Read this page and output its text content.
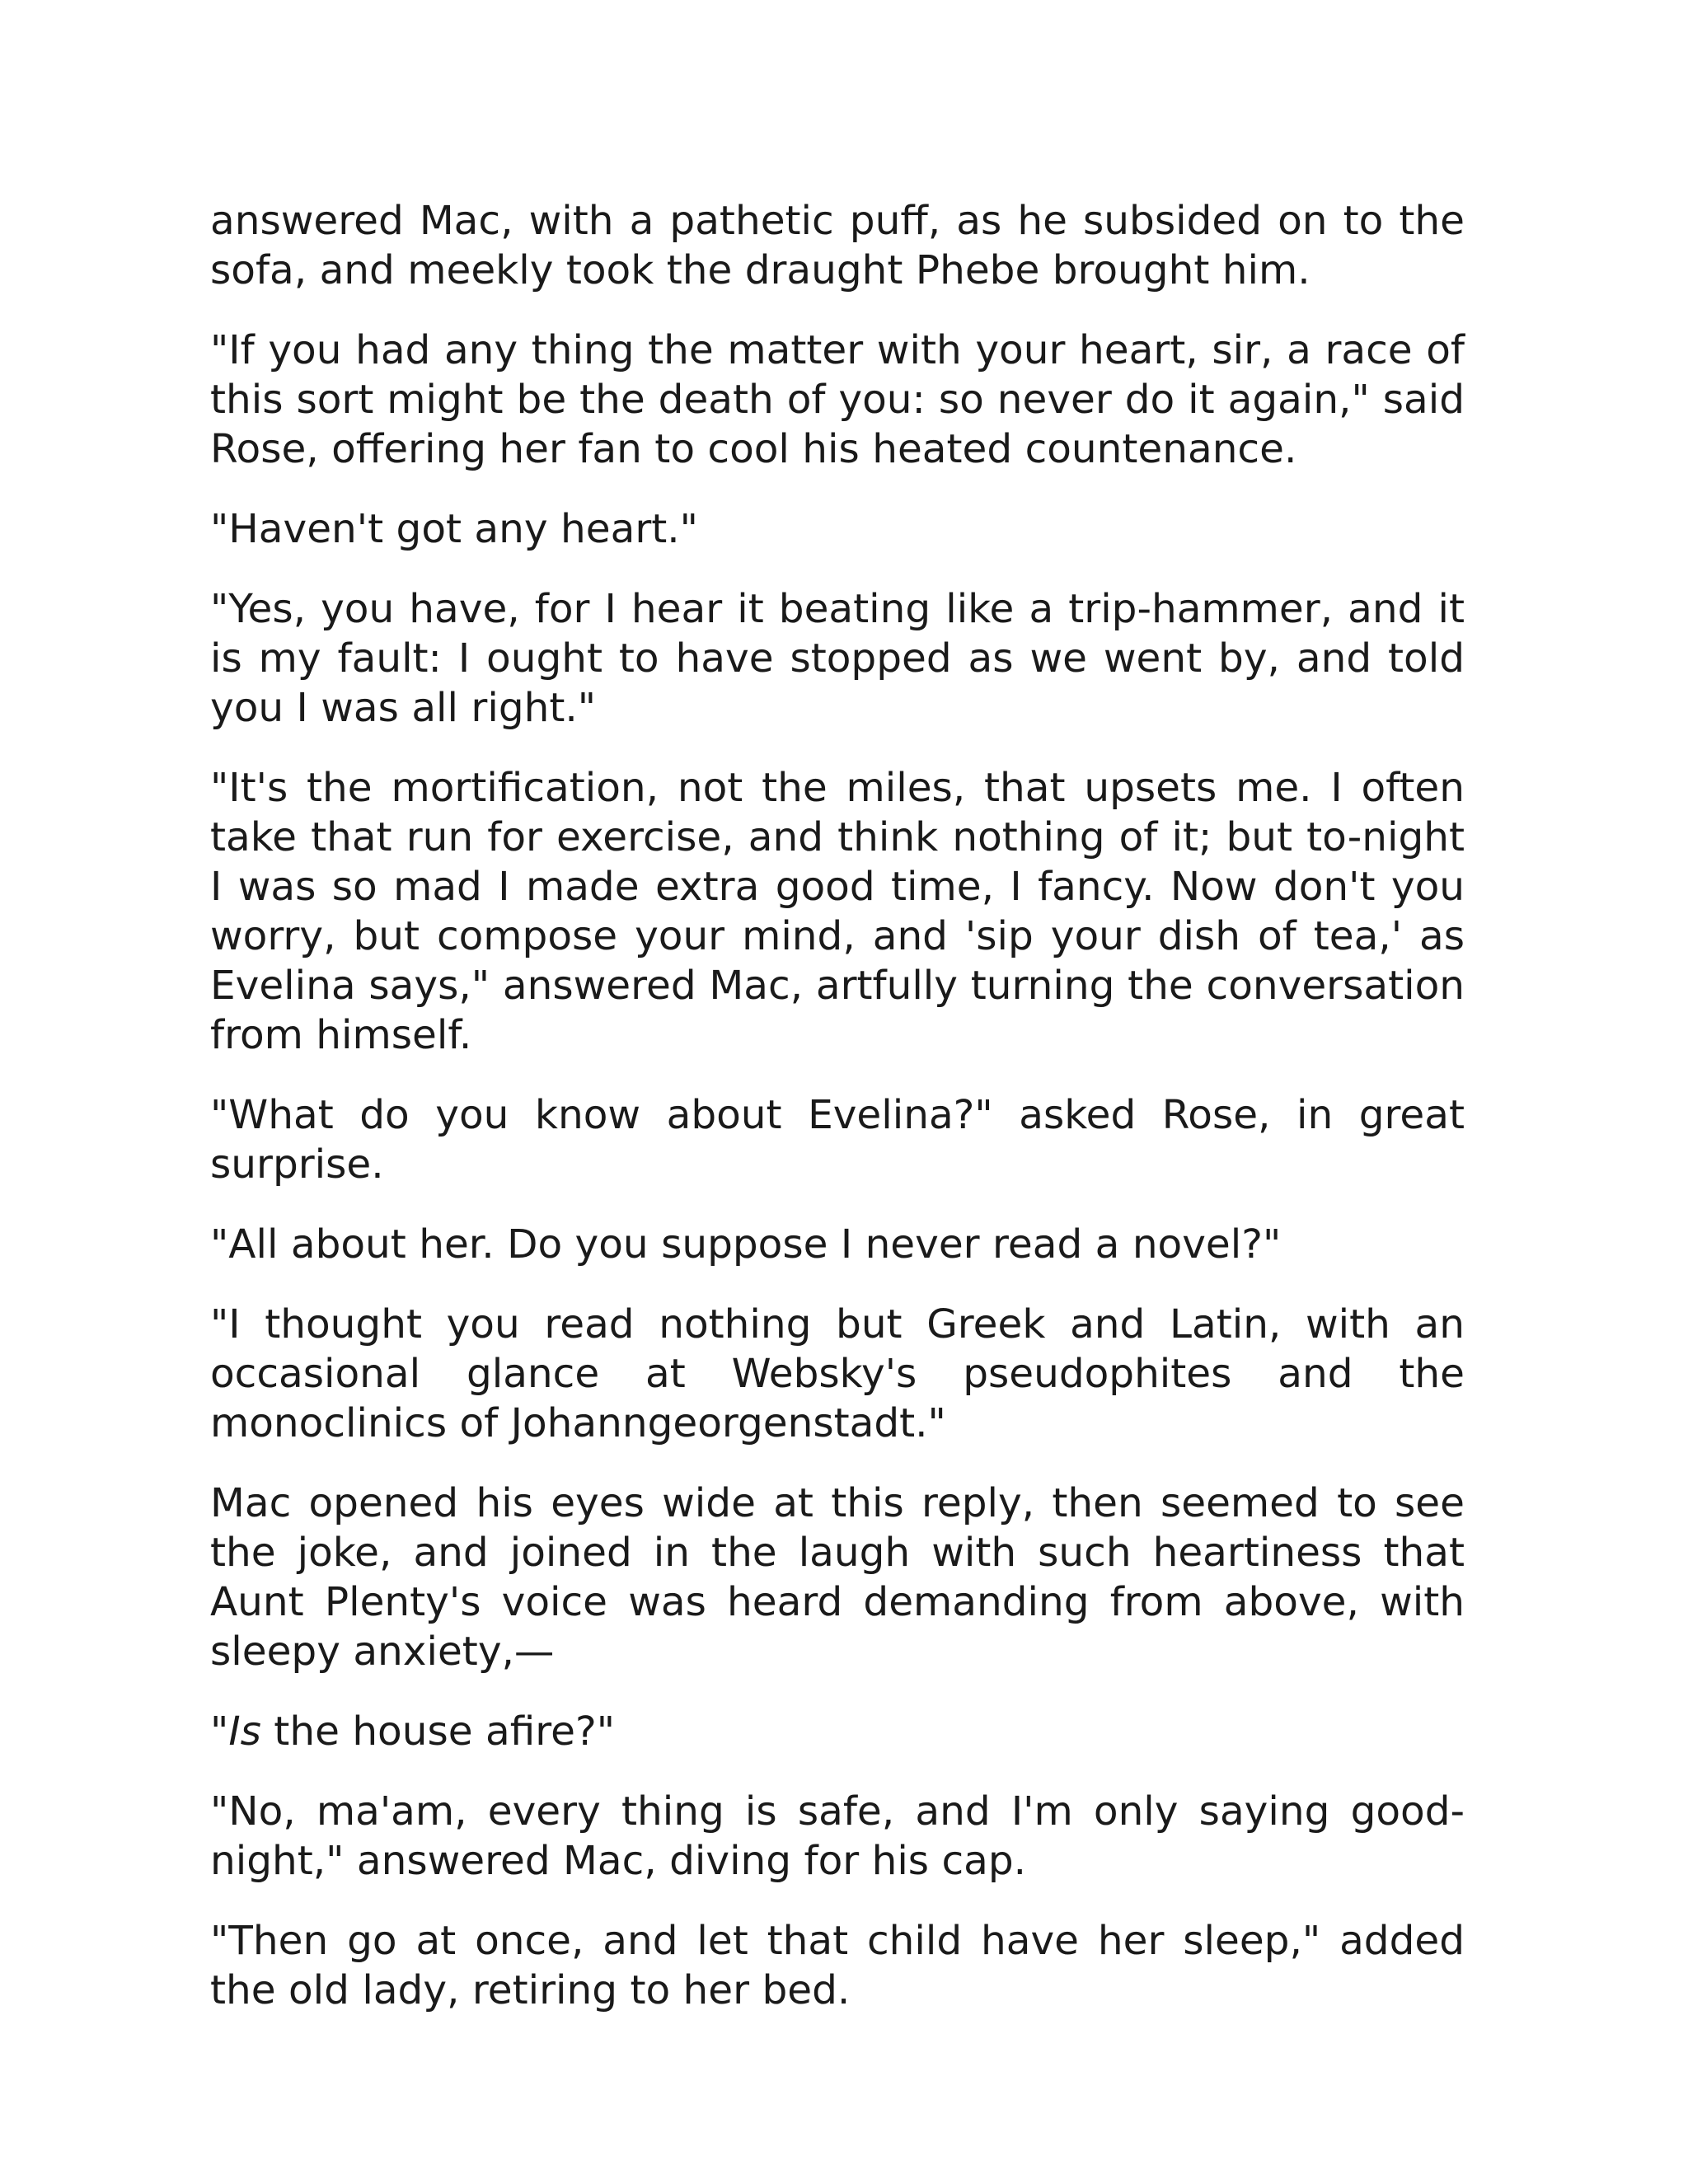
answered Mac, with a pathetic puff, as he subsided on to the sofa, and meekly took the draught Phebe brought him.

"If you had any thing the matter with your heart, sir, a race of this sort might be the death of you: so never do it again," said Rose, offering her fan to cool his heated countenance.

"Haven't got any heart."

"Yes, you have, for I hear it beating like a trip-hammer, and it is my fault: I ought to have stopped as we went by, and told you I was all right."

"It's the mortification, not the miles, that upsets me. I often take that run for exercise, and think nothing of it; but to-night I was so mad I made extra good time, I fancy. Now don't you worry, but compose your mind, and 'sip your dish of tea,' as Evelina says," answered Mac, artfully turning the conversation from himself.

"What do you know about Evelina?" asked Rose, in great surprise.

"All about her. Do you suppose I never read a novel?"

"I thought you read nothing but Greek and Latin, with an occasional glance at Websky's pseudophites and the monoclinics of Johanngeorgenstadt."

Mac opened his eyes wide at this reply, then seemed to see the joke, and joined in the laugh with such heartiness that Aunt Plenty's voice was heard demanding from above, with sleepy anxiety,—

"Is the house afire?"

"No, ma'am, every thing is safe, and I'm only saying good-night," answered Mac, diving for his cap.

"Then go at once, and let that child have her sleep," added the old lady, retiring to her bed.
